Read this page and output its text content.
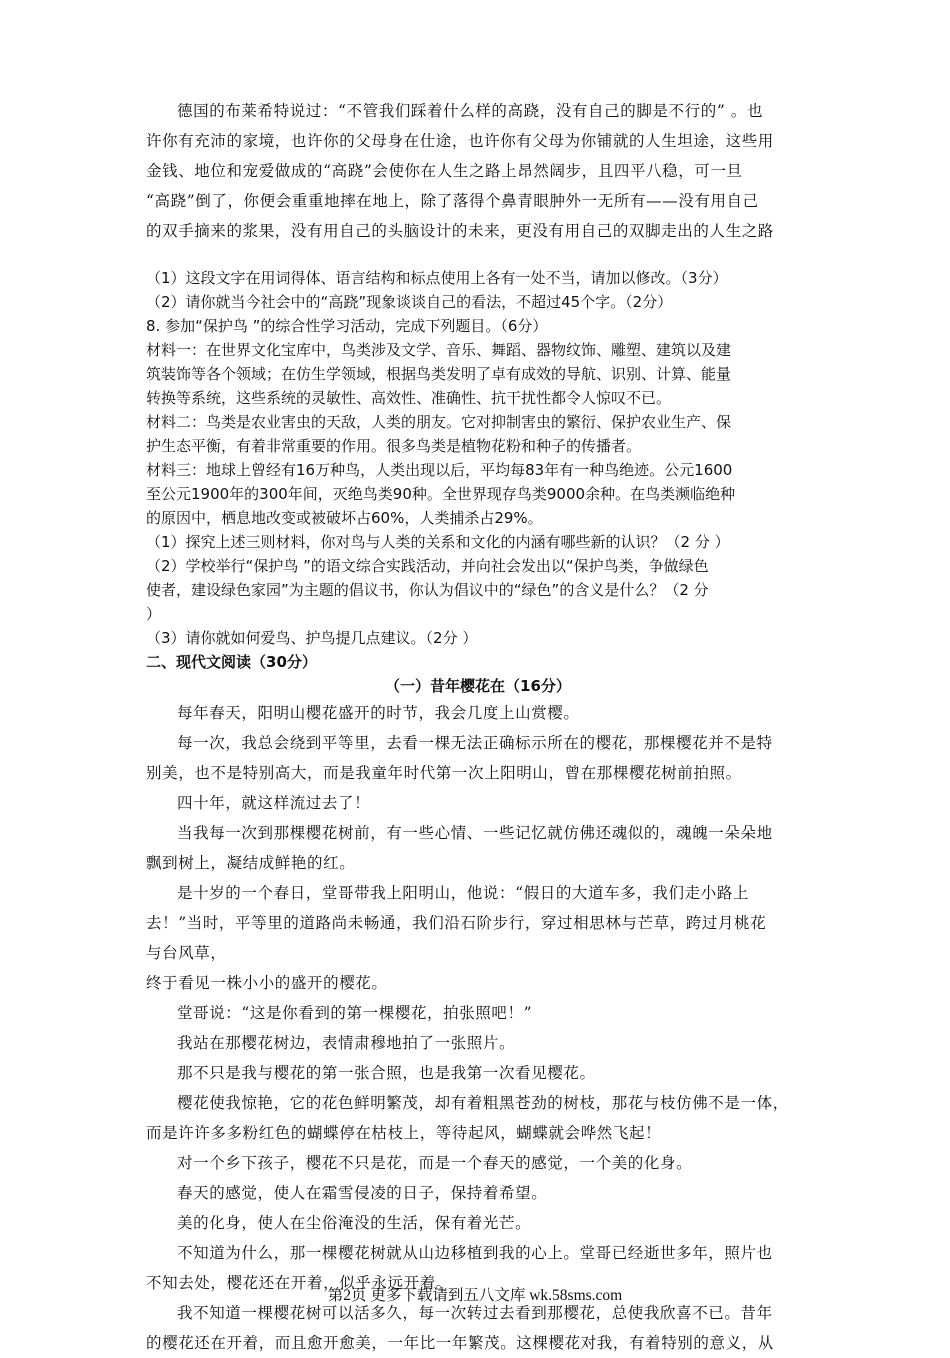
德国的布莱希特说过：“不管我们踩着什么样的高跷，没有自己的脚是不行的” 。也
许你有充沛的家境，也许你的父母身在仕途，也许你有父母为你铺就的人生坦途，这些用
金钱、地位和宠爱做成的“高跷”会使你在人生之路上昂然阔步，且四平八稳，可一旦
“高跷”倒了，你便会重重地摔在地上，除了落得个鼻青眼肿外一无所有——没有用自己
的双手摘来的浆果，没有用自己的头脑设计的未来，更没有用自己的双脚走出的人生之路

（1）这段文字在用词得体、语言结构和标点使用上各有一处不当，请加以修改。（3分）

（2）请你就当今社会中的“高跷”现象谈谈自己的看法，不超过45个字。（2分）

8. 参加“保护鸟 ”的综合性学习活动，完成下列题目。（6分）

材料一：在世界文化宝库中，鸟类涉及文学、音乐、舞蹈、器物纹饰、雕塑、建筑以及建
筑装饰等各个领域；在仿生学领域，根据鸟类发明了卓有成效的导航、识别、计算、能量
转换等系统，这些系统的灵敏性、高效性、准确性、抗干扰性都令人惊叹不已。
材料二：鸟类是农业害虫的天敌，人类的朋友。它对抑制害虫的繁衍、保护农业生产、保
护生态平衡，有着非常重要的作用。很多鸟类是植物花粉和种子的传播者。
材料三：地球上曾经有16万种鸟，人类出现以后，平均每83年有一种鸟绝迹。公元1600
至公元1900年的300年间，灭绝鸟类90种。全世界现存鸟类9000余种。在鸟类濒临绝种
的原因中，栖息地改变或被破坏占60%，人类捕杀占29%。

（1）探究上述三则材料，你对鸟与人类的关系和文化的内涵有哪些新的认识？（2 分 ）

（2）学校举行“保护鸟 ”的语文综合实践活动，并向社会发出以“保护鸟类，争做绿色
使者，建设绿色家园”为主题的倡议书，你认为倡议中的“绿色”的含义是什么？（2 分
）

（3）请你就如何爱鸟、护鸟提几点建议。（2分 ）

二、现代文阅读（30分）

（一）昔年樱花在（16分）

每年春天，阳明山樱花盛开的时节，我会几度上山赏樱。
每一次，我总会绕到平等里，去看一棵无法正确标示所在的樱花，那棵樱花并不是特
别美，也不是特别高大，而是我童年时代第一次上阳明山，曾在那棵樱花树前拍照。
四十年，就这样流过去了！
当我每一次到那棵樱花树前，有一些心情、一些记忆就仿佛还魂似的，魂魄一朵朵地
飘到树上，凝结成鲜艳的红。
是十岁的一个春日，堂哥带我上阳明山，他说：“假日的大道车多，我们走小路上
去！”当时，平等里的道路尚未畅通，我们沿石阶步行，穿过相思林与芒草，跨过月桃花
与台风草，
终于看见一株小小的盛开的樱花。
堂哥说：“这是你看到的第一棵樱花，拍张照吧！”
我站在那樱花树边，表情肃穆地拍了一张照片。
那不只是我与樱花的第一张合照，也是我第一次看见樱花。
樱花使我惊艳，它的花色鲜明繁茂，却有着粗黑苍劲的树枝，那花与枝仿佛不是一体，
而是许许多多粉红色的蝴蝶停在枯枝上，等待起风，蝴蝶就会哗然飞起！
对一个乡下孩子，樱花不只是花，而是一个春天的感觉，一个美的化身。
春天的感觉，使人在霜雪侵凌的日子，保持着希望。
美的化身，使人在尘俗淹没的生活，保有着光芒。
不知道为什么，那一棵樱花树就从山边移植到我的心上。堂哥已经逝世多年，照片也
不知去处，樱花还在开着，似乎永远开着。
我不知道一棵樱花树可以活多久，每一次转过去看到那樱花，总使我欣喜不已。昔年
的樱花还在开着，而且愈开愈美，一年比一年繁茂。这棵樱花对我，有着特别的意义，从
第2页 更多下载请到五八文库 wk.58sms.com
